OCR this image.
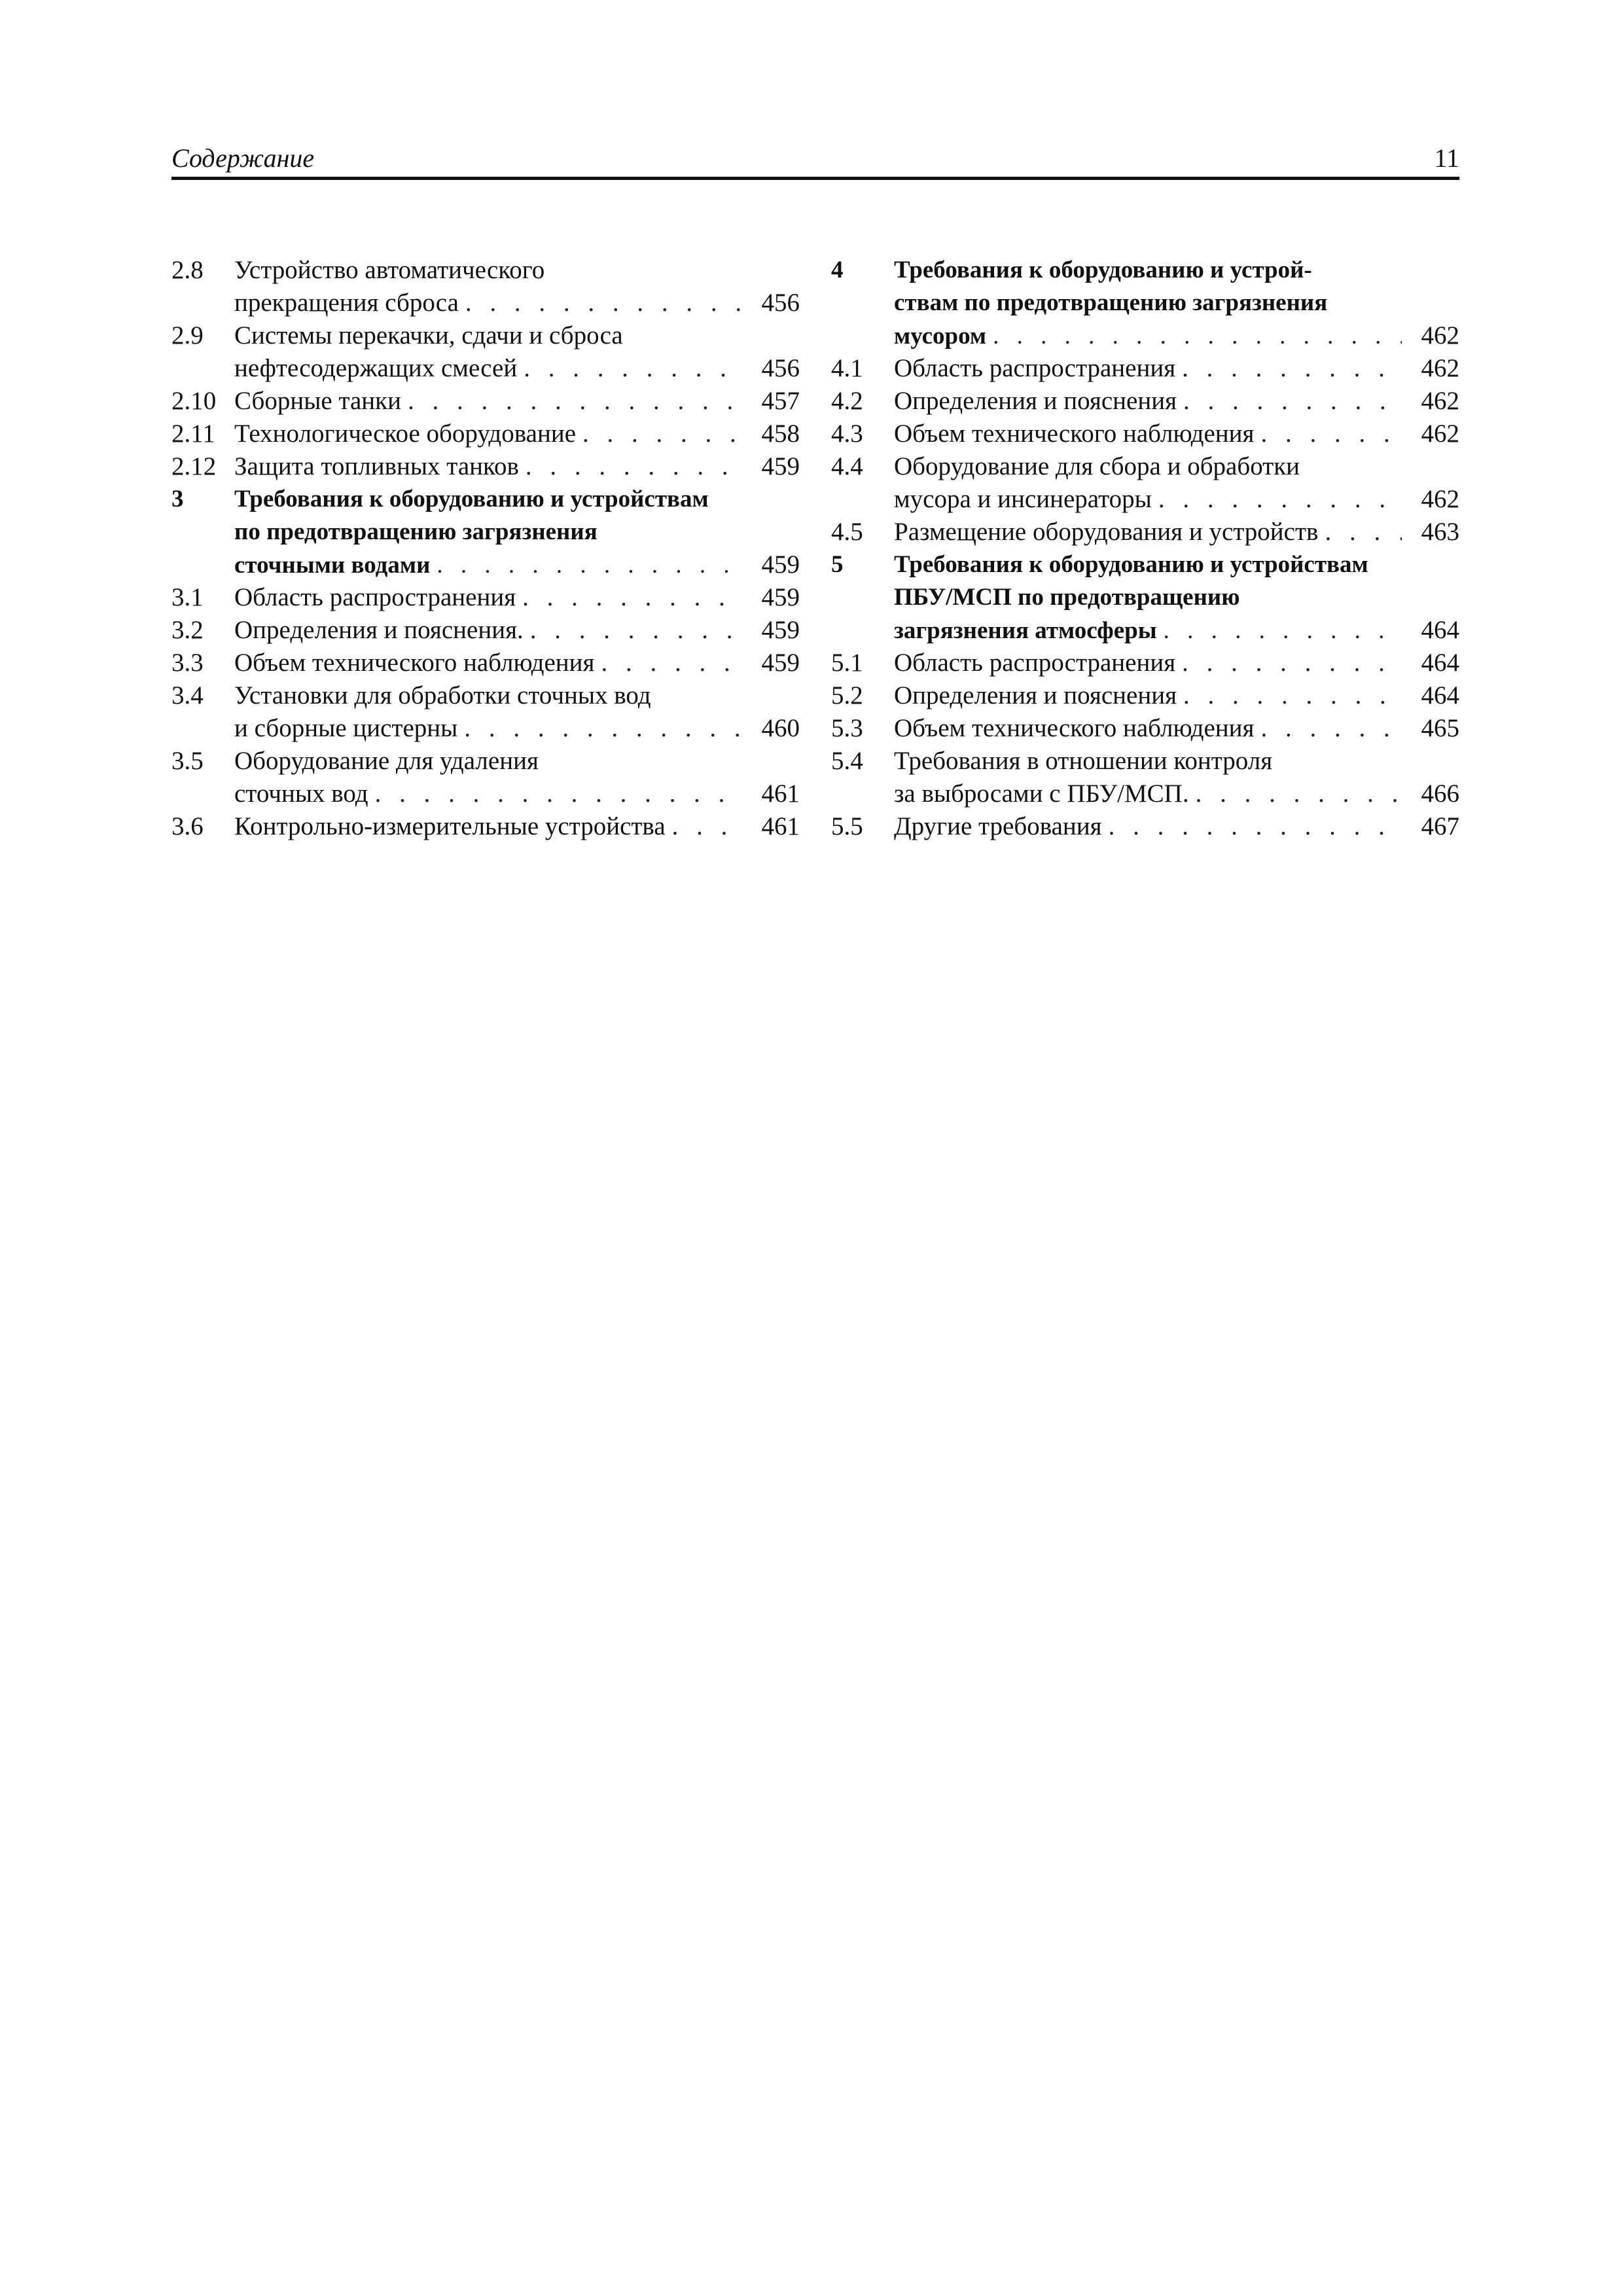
Содержание	11
2.8	Устройство автоматического
прекращения сброса . . .	456
2.9	Системы перекачки, сдачи и сброса
нефтесодержащих смесей . . .	456
2.10 Сборные танки . . .	457
2.11 Технологическое оборудование . . .	458
2.12 Защита топливных танков . . .	459
3	Требования к оборудованию и устройствам
по предотвращению загрязнения
сточными водами . . .	459
3.1	Область распространения . . .	459
3.2	Определения и пояснения. . . .	459
3.3	Объем технического наблюдения . . .	459
3.4	Установки для обработки сточных вод
и сборные цистерны . . .	460
3.5	Оборудование для удаления
сточных вод . . .	461
3.6	Контрольно-измерительные устройства . . .	461
4	Требования к оборудованию и устрой-
ствам по предотвращению загрязнения
мусором . . .	462
4.1	Область распространения . . .	462
4.2	Определения и пояснения . . .	462
4.3	Объем технического наблюдения . . .	462
4.4	Оборудование для сбора и обработки
мусора и инсинераторы . . .	462
4.5	Размещение оборудования и устройств . . .	463
5	Требования к оборудованию и устройствам
ПБУ/МСП по предотвращению
загрязнения атмосферы . . .	464
5.1	Область распространения . . .	464
5.2	Определения и пояснения . . .	464
5.3	Объем технического наблюдения . . .	465
5.4	Требования в отношении контроля
за выбросами с ПБУ/МСП. . . .	466
5.5	Другие требования . . .	467
